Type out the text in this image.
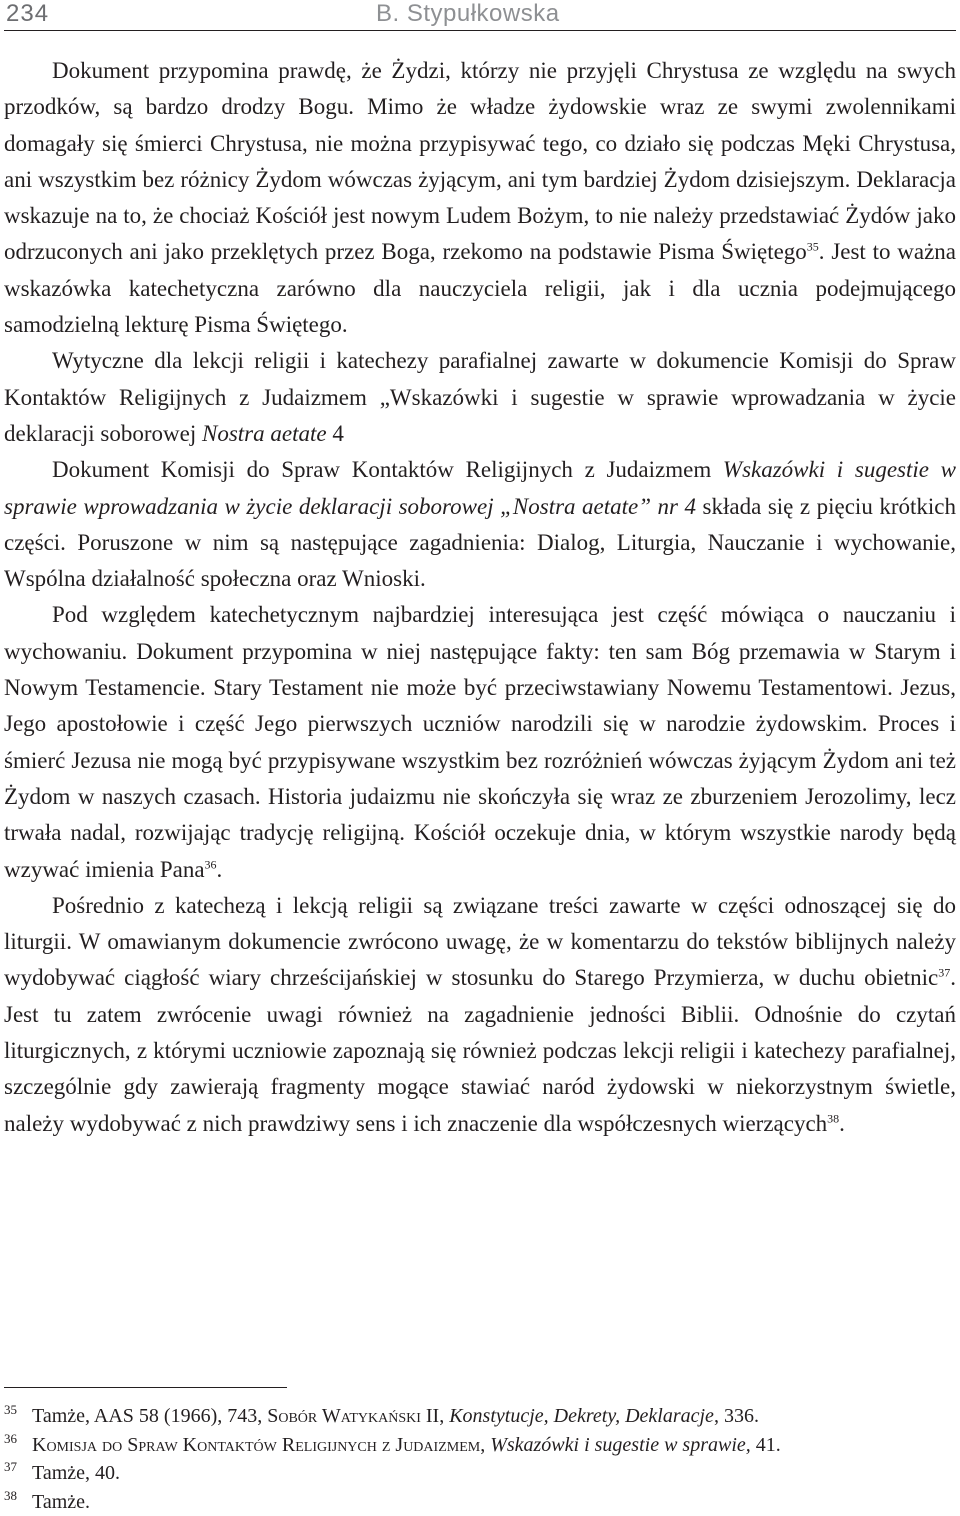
234	B. Stypułkowska

Dokument przypomina prawdę, że Żydzi, którzy nie przyjęli Chrystusa ze względu na swych przodków, są bardzo drodzy Bogu. Mimo że władze żydowskie wraz ze swymi zwolennikami domagały się śmierci Chrystusa, nie można przypisywać tego, co działo się podczas Męki Chrystusa, ani wszystkim bez różnicy Żydom wówczas żyjącym, ani tym bardziej Żydom dzisiejszym. Deklaracja wskazuje na to, że chociaż Kościół jest nowym Ludem Bożym, to nie należy przedstawiać Żydów jako odrzuconych ani jako przeklętych przez Boga, rzekomo na podstawie Pisma Świętego$^{35}$. Jest to ważna wskazówka katechetyczna zarówno dla nauczyciela religii, jak i dla ucznia podejmującego samodzielną lekturę Pisma Świętego.

Wytyczne dla lekcji religii i katechezy parafialnej zawarte w dokumencie Komisji do Spraw Kontaktów Religijnych z Judaizmem „Wskazówki i sugestie w sprawie wprowadzania w życie deklaracji soborowej Nostra aetate 4

Dokument Komisji do Spraw Kontaktów Religijnych z Judaizmem Wskazówki i sugestie w sprawie wprowadzania w życie deklaracji soborowej „Nostra aetate” nr 4 składa się z pięciu krótkich części. Poruszone w nim są następujące zagadnienia: Dialog, Liturgia, Nauczanie i wychowanie, Wspólna działalność społeczna oraz Wnioski.

Pod względem katechetycznym najbardziej interesująca jest część mówiąca o nauczaniu i wychowaniu. Dokument przypomina w niej następujące fakty: ten sam Bóg przemawia w Starym i Nowym Testamencie. Stary Testament nie może być przeciwstawiany Nowemu Testamentowi. Jezus, Jego apostołowie i część Jego pierwszych uczniów narodzili się w narodzie żydowskim. Proces i śmierć Jezusa nie mogą być przypisywane wszystkim bez rozróżnień wówczas żyjącym Żydom ani też Żydom w naszych czasach. Historia judaizmu nie skończyła się wraz ze zburzeniem Jerozolimy, lecz trwała nadal, rozwijając tradycję religijną. Kościół oczekuje dnia, w którym wszystkie narody będą wzywać imienia Pana$^{36}$.

Pośrednio z katechezą i lekcją religii są związane treści zawarte w części odnoszącej się do liturgii. W omawianym dokumencie zwrócono uwagę, że w komentarzu do tekstów biblijnych należy wydobywać ciągłość wiary chrześcijańskiej w stosunku do Starego Przymierza, w duchu obietnic$^{37}$. Jest tu zatem zwrócenie uwagi również na zagadnienie jedności Biblii. Odnośnie do czytań liturgicznych, z którymi uczniowie zapoznają się również podczas lekcji religii i katechezy parafialnej, szczególnie gdy zawierają fragmenty mogące stawiać naród żydowski w niekorzystnym świetle, należy wydobywać z nich prawdziwy sens i ich znaczenie dla współczesnych wierzących$^{38}$.

35 Tamże, AAS 58 (1966), 743, Sobór Watykański II, Konstytucje, Dekrety, Deklaracje, 336.

36 Komisja do Spraw Kontaktów Religijnych z Judaizmem, Wskazówki i sugestie w sprawie, 41.

37 Tamże, 40.

38 Tamże.
